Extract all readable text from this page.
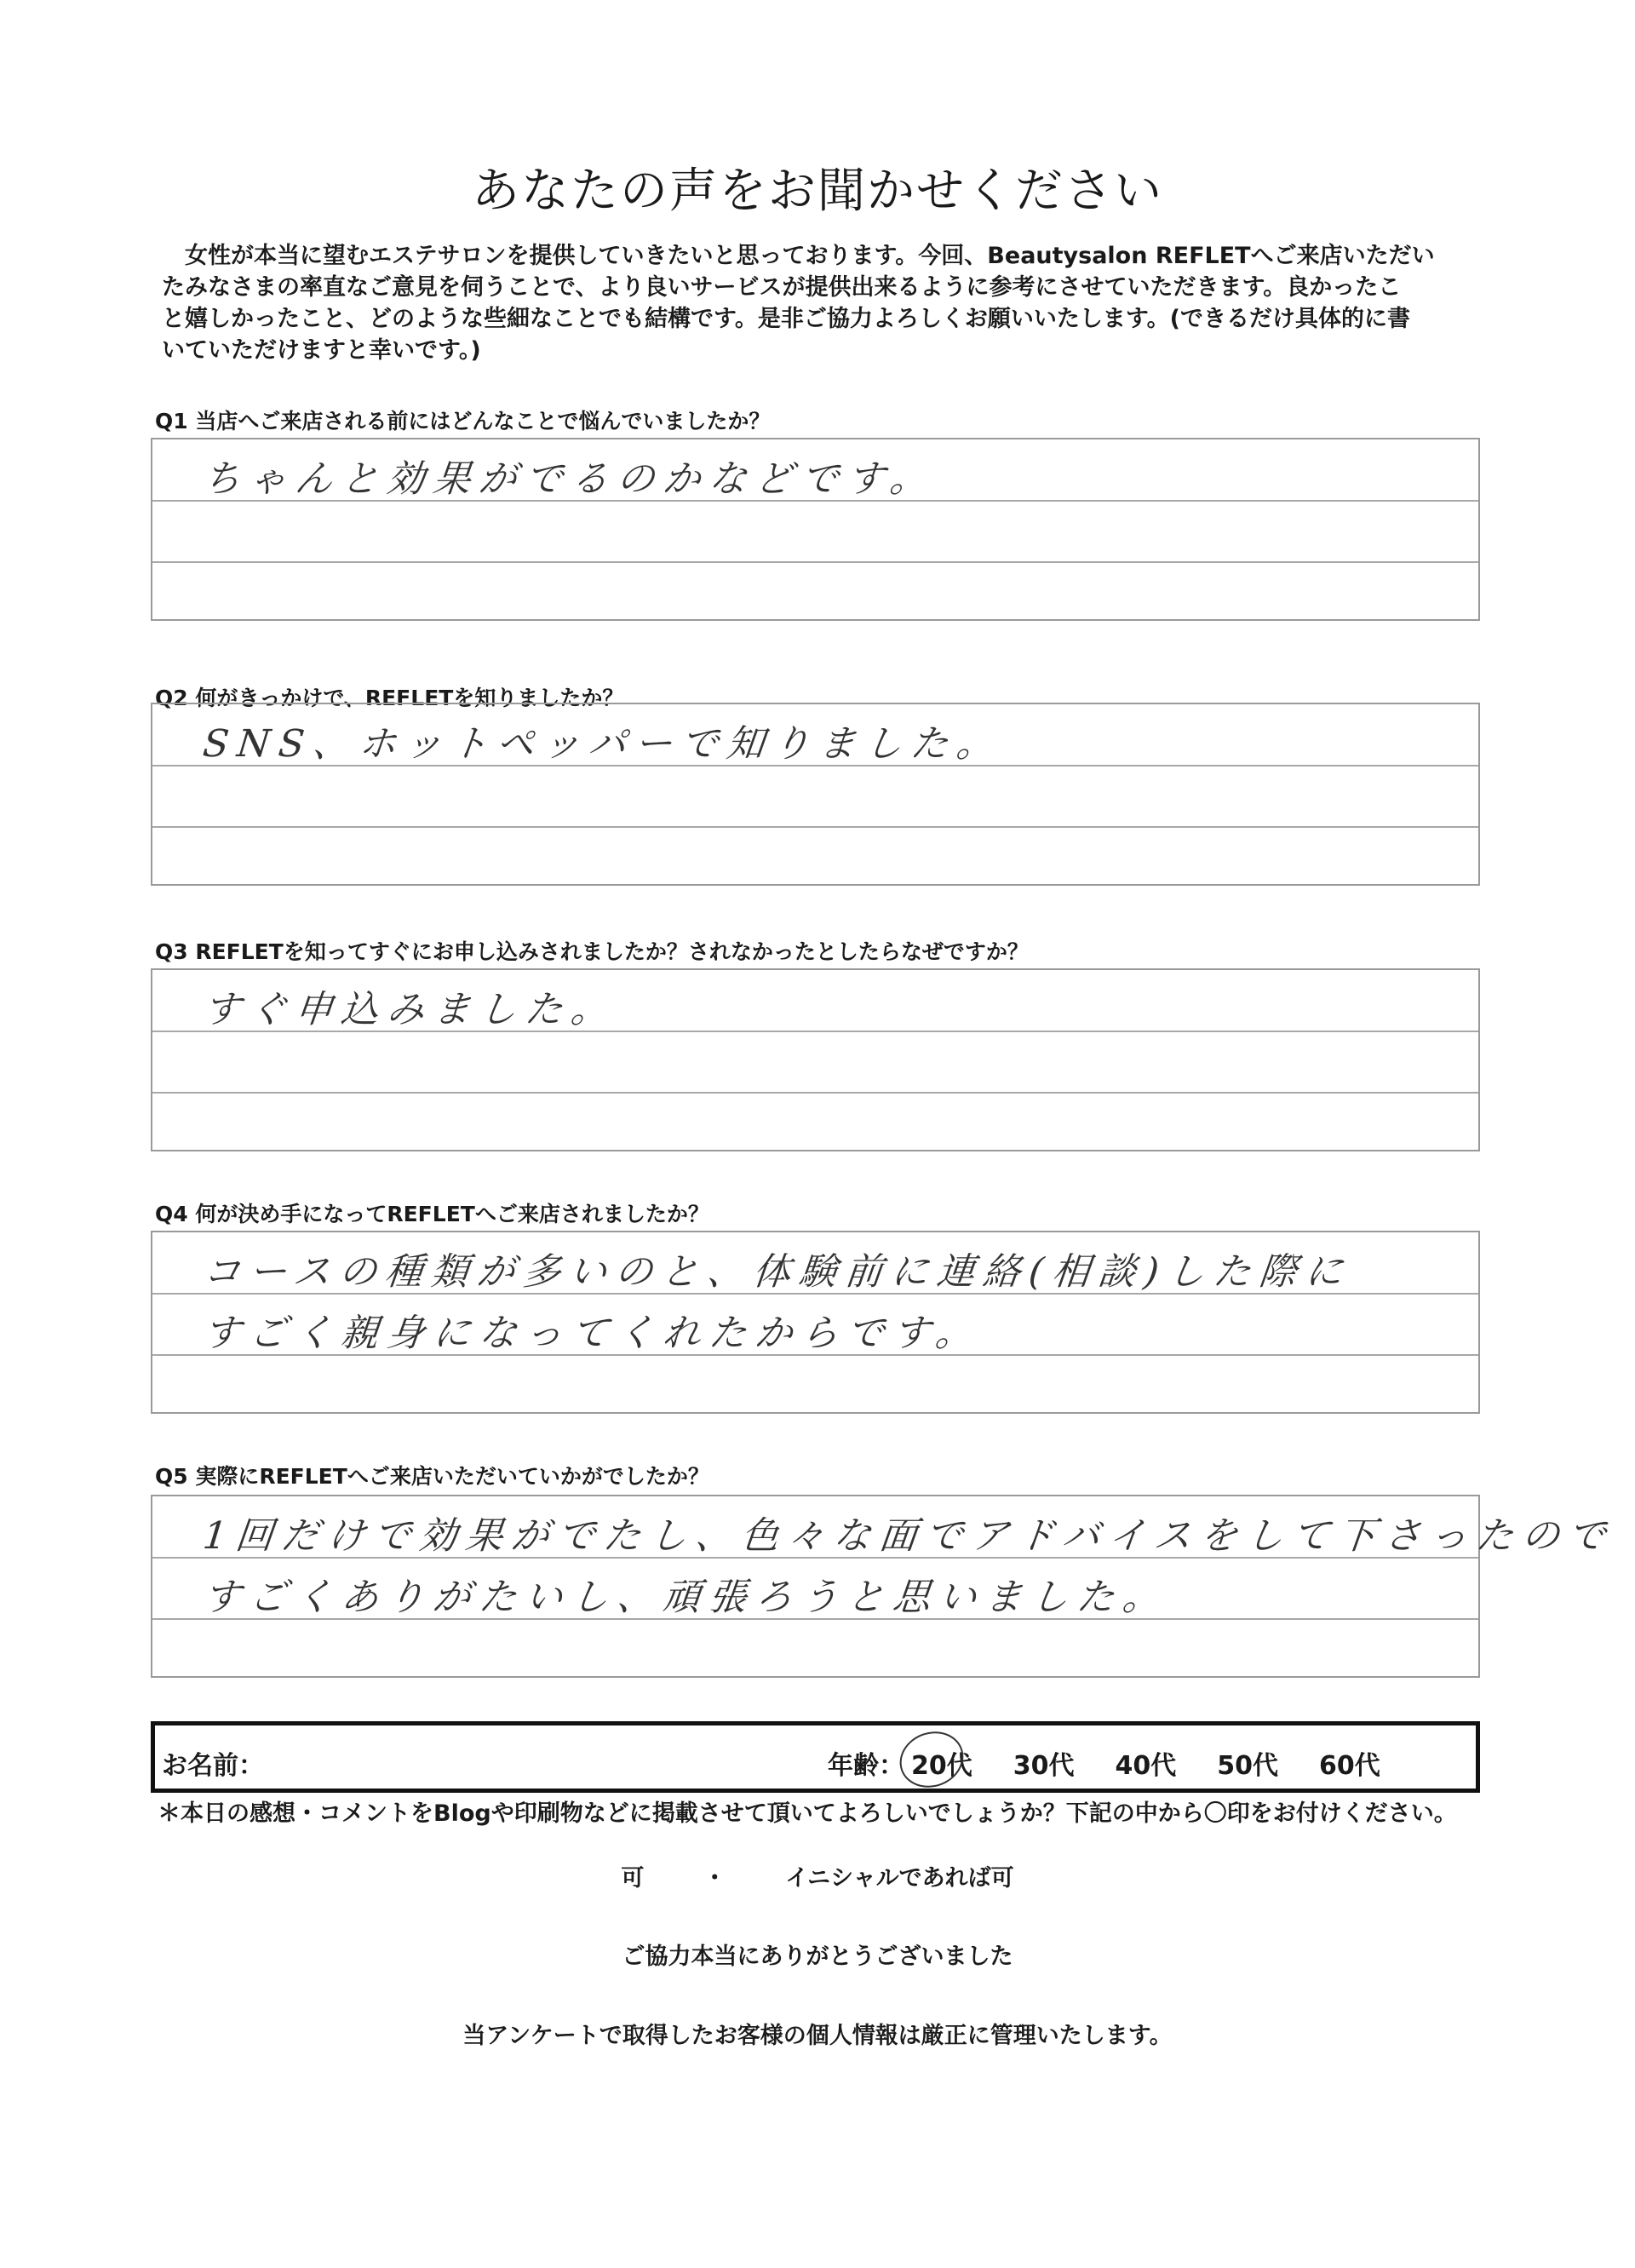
あなたの声をお聞かせください

女性が本当に望むエステサロンを提供していきたいと思っております。今回、Beautysalon REFLETへご来店いただい

たみなさまの率直なご意見を伺うことで、より良いサービスが提供出来るように参考にさせていただきます。良かったこ

と嬉しかったこと、どのような些細なことでも結構です。是非ご協力よろしくお願いいたします。(できるだけ具体的に書

いていただけますと幸いです。)

Q1 当店へご来店される前にはどんなことで悩んでいましたか？
ちゃんと効果がでるのかなどです。
Q2 何がきっかけで、REFLETを知りましたか？
SNS、ホットペッパーで知りました。
Q3 REFLETを知ってすぐにお申し込みされましたか？されなかったとしたらなぜですか？
すぐ申込みました。
Q4 何が決め手になってREFLETへご来店されましたか？
コースの種類が多いのと、体験前に連絡(相談)した際に
すごく親身になってくれたからです。
Q5 実際にREFLETへご来店いただいていかがでしたか？
1回だけで効果がでたし、色々な面でアドバイスをして下さったので
すごくありがたいし、頑張ろうと思いました。
お名前：	年齢： 20代 30代 40代 50代 60代
＊本日の感想・コメントをBlogや印刷物などに掲載させて頂いてよろしいでしょうか？下記の中から〇印をお付けください。
可	・	イニシャルであれば可
ご協力本当にありがとうございました
当アンケートで取得したお客様の個人情報は厳正に管理いたします。
